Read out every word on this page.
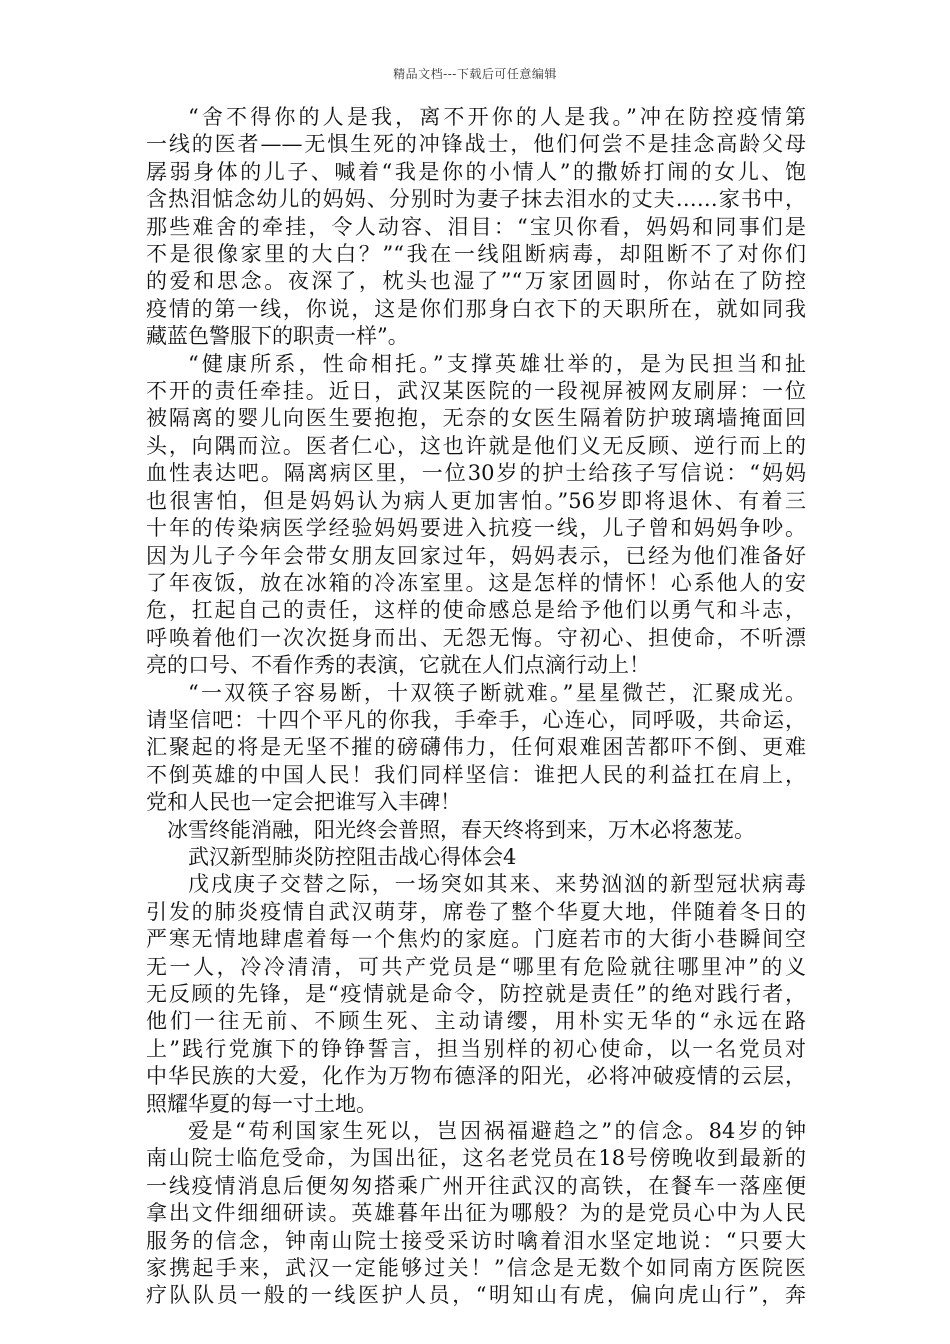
精品文档---下载后可任意编辑
“舍不得你的人是我，离不开你的人是我。”冲在防控疫情第
一线的医者——无惧生死的冲锋战士，他们何尝不是挂念高龄父母
孱弱身体的儿子、喊着“我是你的小情人”的撒娇打闹的女儿、饱
含热泪惦念幼儿的妈妈、分别时为妻子抹去泪水的丈夫……家书中，
那些难舍的牵挂，令人动容、泪目：“宝贝你看，妈妈和同事们是
不是很像家里的大白？”“我在一线阻断病毒，却阻断不了对你们
的爱和思念。夜深了，枕头也湿了”“万家团圆时，你站在了防控
疫情的第一线，你说，这是你们那身白衣下的天职所在，就如同我
藏蓝色警服下的职责一样”。
“健康所系，性命相托。”支撑英雄壮举的，是为民担当和扯
不开的责任牵挂。近日，武汉某医院的一段视屏被网友刷屏：一位
被隔离的婴儿向医生要抱抱，无奈的女医生隔着防护玻璃墙掩面回
头，向隅而泣。医者仁心，这也许就是他们义无反顾、逆行而上的
血性表达吧。隔离病区里，一位30岁的护士给孩子写信说：“妈妈
也很害怕，但是妈妈认为病人更加害怕。”56岁即将退休、有着三
十年的传染病医学经验妈妈要进入抗疫一线，儿子曾和妈妈争吵。
因为儿子今年会带女朋友回家过年，妈妈表示，已经为他们准备好
了年夜饭，放在冰箱的冷冻室里。这是怎样的情怀！心系他人的安
危，扛起自己的责任，这样的使命感总是给予他们以勇气和斗志，
呼唤着他们一次次挺身而出、无怨无悔。守初心、担使命，不听漂
亮的口号、不看作秀的表演，它就在人们点滴行动上！
“一双筷子容易断，十双筷子断就难。”星星微芒，汇聚成光。
请坚信吧：十四个平凡的你我，手牵手，心连心，同呼吸，共命运，
汇聚起的将是无坚不摧的磅礴伟力，任何艰难困苦都吓不倒、更难
不倒英雄的中国人民！我们同样坚信：谁把人民的利益扛在肩上，
党和人民也一定会把谁写入丰碑！
冰雪终能消融，阳光终会普照，春天终将到来，万木必将葱茏。
武汉新型肺炎防控阻击战心得体会4
戊戌庚子交替之际，一场突如其来、来势汹汹的新型冠状病毒
引发的肺炎疫情自武汉萌芽，席卷了整个华夏大地，伴随着冬日的
严寒无情地肆虐着每一个焦灼的家庭。门庭若市的大街小巷瞬间空
无一人，冷冷清清，可共产党员是“哪里有危险就往哪里冲”的义
无反顾的先锋，是“疫情就是命令，防控就是责任”的绝对践行者，
他们一往无前、不顾生死、主动请缨，用朴实无华的“永远在路
上”践行党旗下的铮铮誓言，担当别样的初心使命，以一名党员对
中华民族的大爱，化作为万物布德泽的阳光，必将冲破疫情的云层，
照耀华夏的每一寸土地。
爱是“苟利国家生死以，岂因祸福避趋之”的信念。84岁的钟
南山院士临危受命，为国出征，这名老党员在18号傍晚收到最新的
一线疫情消息后便匆匆搭乘广州开往武汉的高铁，在餐车一落座便
拿出文件细细研读。英雄暮年出征为哪般？为的是党员心中为人民
服务的信念，钟南山院士接受采访时噙着泪水坚定地说：“只要大
家携起手来，武汉一定能够过关！”信念是无数个如同南方医院医
疗队队员一般的一线医护人员，“明知山有虎，偏向虎山行”，奔
